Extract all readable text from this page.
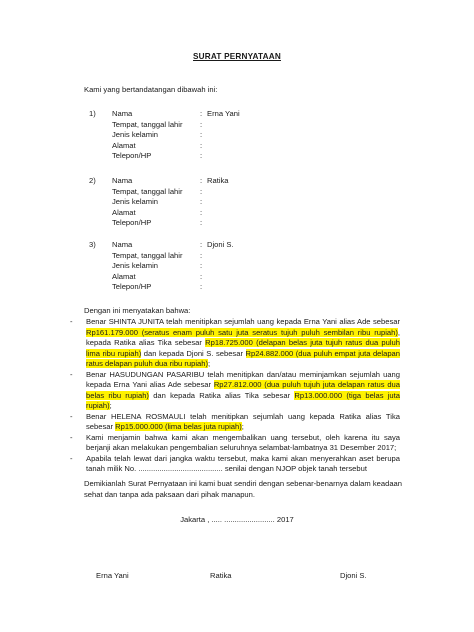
SURAT PERNYATAAN
Kami yang bertandatangan dibawah ini:
1) Nama	: Erna Yani
Tempat, tanggal lahir :
Jenis kelamin	:
Alamat	:
Telepon/HP	:
2) Nama	: Ratika
Tempat, tanggal lahir :
Jenis kelamin	:
Alamat	:
Telepon/HP	:
3) Nama	: Djoni S.
Tempat, tanggal lahir :
Jenis kelamin	:
Alamat	:
Telepon/HP	:
Dengan ini menyatakan bahwa:
- Benar SHINTA JUNITA telah menitipkan sejumlah uang kepada Erna Yani alias Ade sebesar Rp161.179.000 (seratus enam puluh satu juta seratus tujuh puluh sembilan ribu rupiah), kepada Ratika alias Tika sebesar Rp18.725.000 (delapan belas juta tujuh ratus dua puluh lima ribu rupiah) dan kepada Djoni S. sebesar Rp24.882.000 (dua puluh empat juta delapan ratus delapan puluh dua ribu rupiah);
- Benar HASUDUNGAN PASARIBU telah menitipkan dan/atau meminjamkan sejumlah uang kepada Erna Yani alias Ade sebesar Rp27.812.000 (dua puluh tujuh juta delapan ratus dua belas ribu rupiah) dan kepada Ratika alias Tika sebesar Rp13.000.000 (tiga belas juta rupiah);
- Benar HELENA ROSMAULI telah menitipkan sejumlah uang kepada Ratika alias Tika sebesar Rp15.000.000 (lima belas juta rupiah);
- Kami menjamin bahwa kami akan mengembalikan uang tersebut, oleh karena itu saya berjanji akan melakukan pengembalian seluruhnya selambat-lambatnya 31 Desember 2017;
- Apabila telah lewat dari jangka waktu tersebut, maka kami akan menyerahkan aset berupa tanah milik No. ........................................ senilai dengan NJOP objek tanah tersebut
Demikianlah Surat Pernyataan ini kami buat sendiri dengan sebenar-benarnya dalam keadaan sehat dan tanpa ada paksaan dari pihak manapun.
Jakarta , ..... ........................ 2017
Erna Yani	Ratika	Djoni S.
